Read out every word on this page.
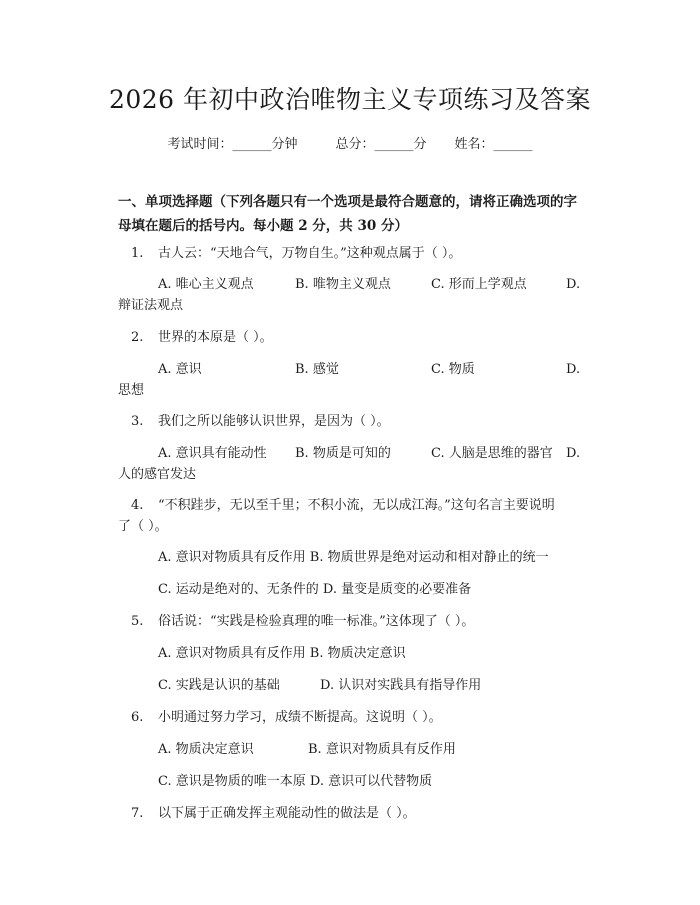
2026 年初中政治唯物主义专项练习及答案
考试时间：______分钟	总分：______分 姓名：______
一、单项选择题（下列各题只有一个选项是最符合题意的，请将正确选项的字母填在题后的括号内。每小题 2 分，共 30 分）
1. 古人云：“天地合气，万物自生。”这种观点属于（ ）。
A. 唯心主义观点	B. 唯物主义观点	C. 形而上学观点	D.
辩证法观点
2. 世界的本原是（ ）。
A. 意识	B. 感觉	C. 物质	D.
思想
3. 我们之所以能够认识世界，是因为（ ）。
A. 意识具有能动性 B. 物质是可知的	C. 人脑是思维的器官 D.
人的感官发达
4. “不积跬步，无以至千里；不积小流，无以成江海。”这句名言主要说明
了（ ）。
A. 意识对物质具有反作用 B. 物质世界是绝对运动和相对静止的统一
C. 运动是绝对的、无条件的 D. 量变是质变的必要准备
5. 俗话说：“实践是检验真理的唯一标准。”这体现了（ ）。
A. 意识对物质具有反作用 B. 物质决定意识
C. 实践是认识的基础	D. 认识对实践具有指导作用
6. 小明通过努力学习，成绩不断提高。这说明（ ）。
A. 物质决定意识	B. 意识对物质具有反作用
C. 意识是物质的唯一本原 D. 意识可以代替物质
7. 以下属于正确发挥主观能动性的做法是（ ）。
